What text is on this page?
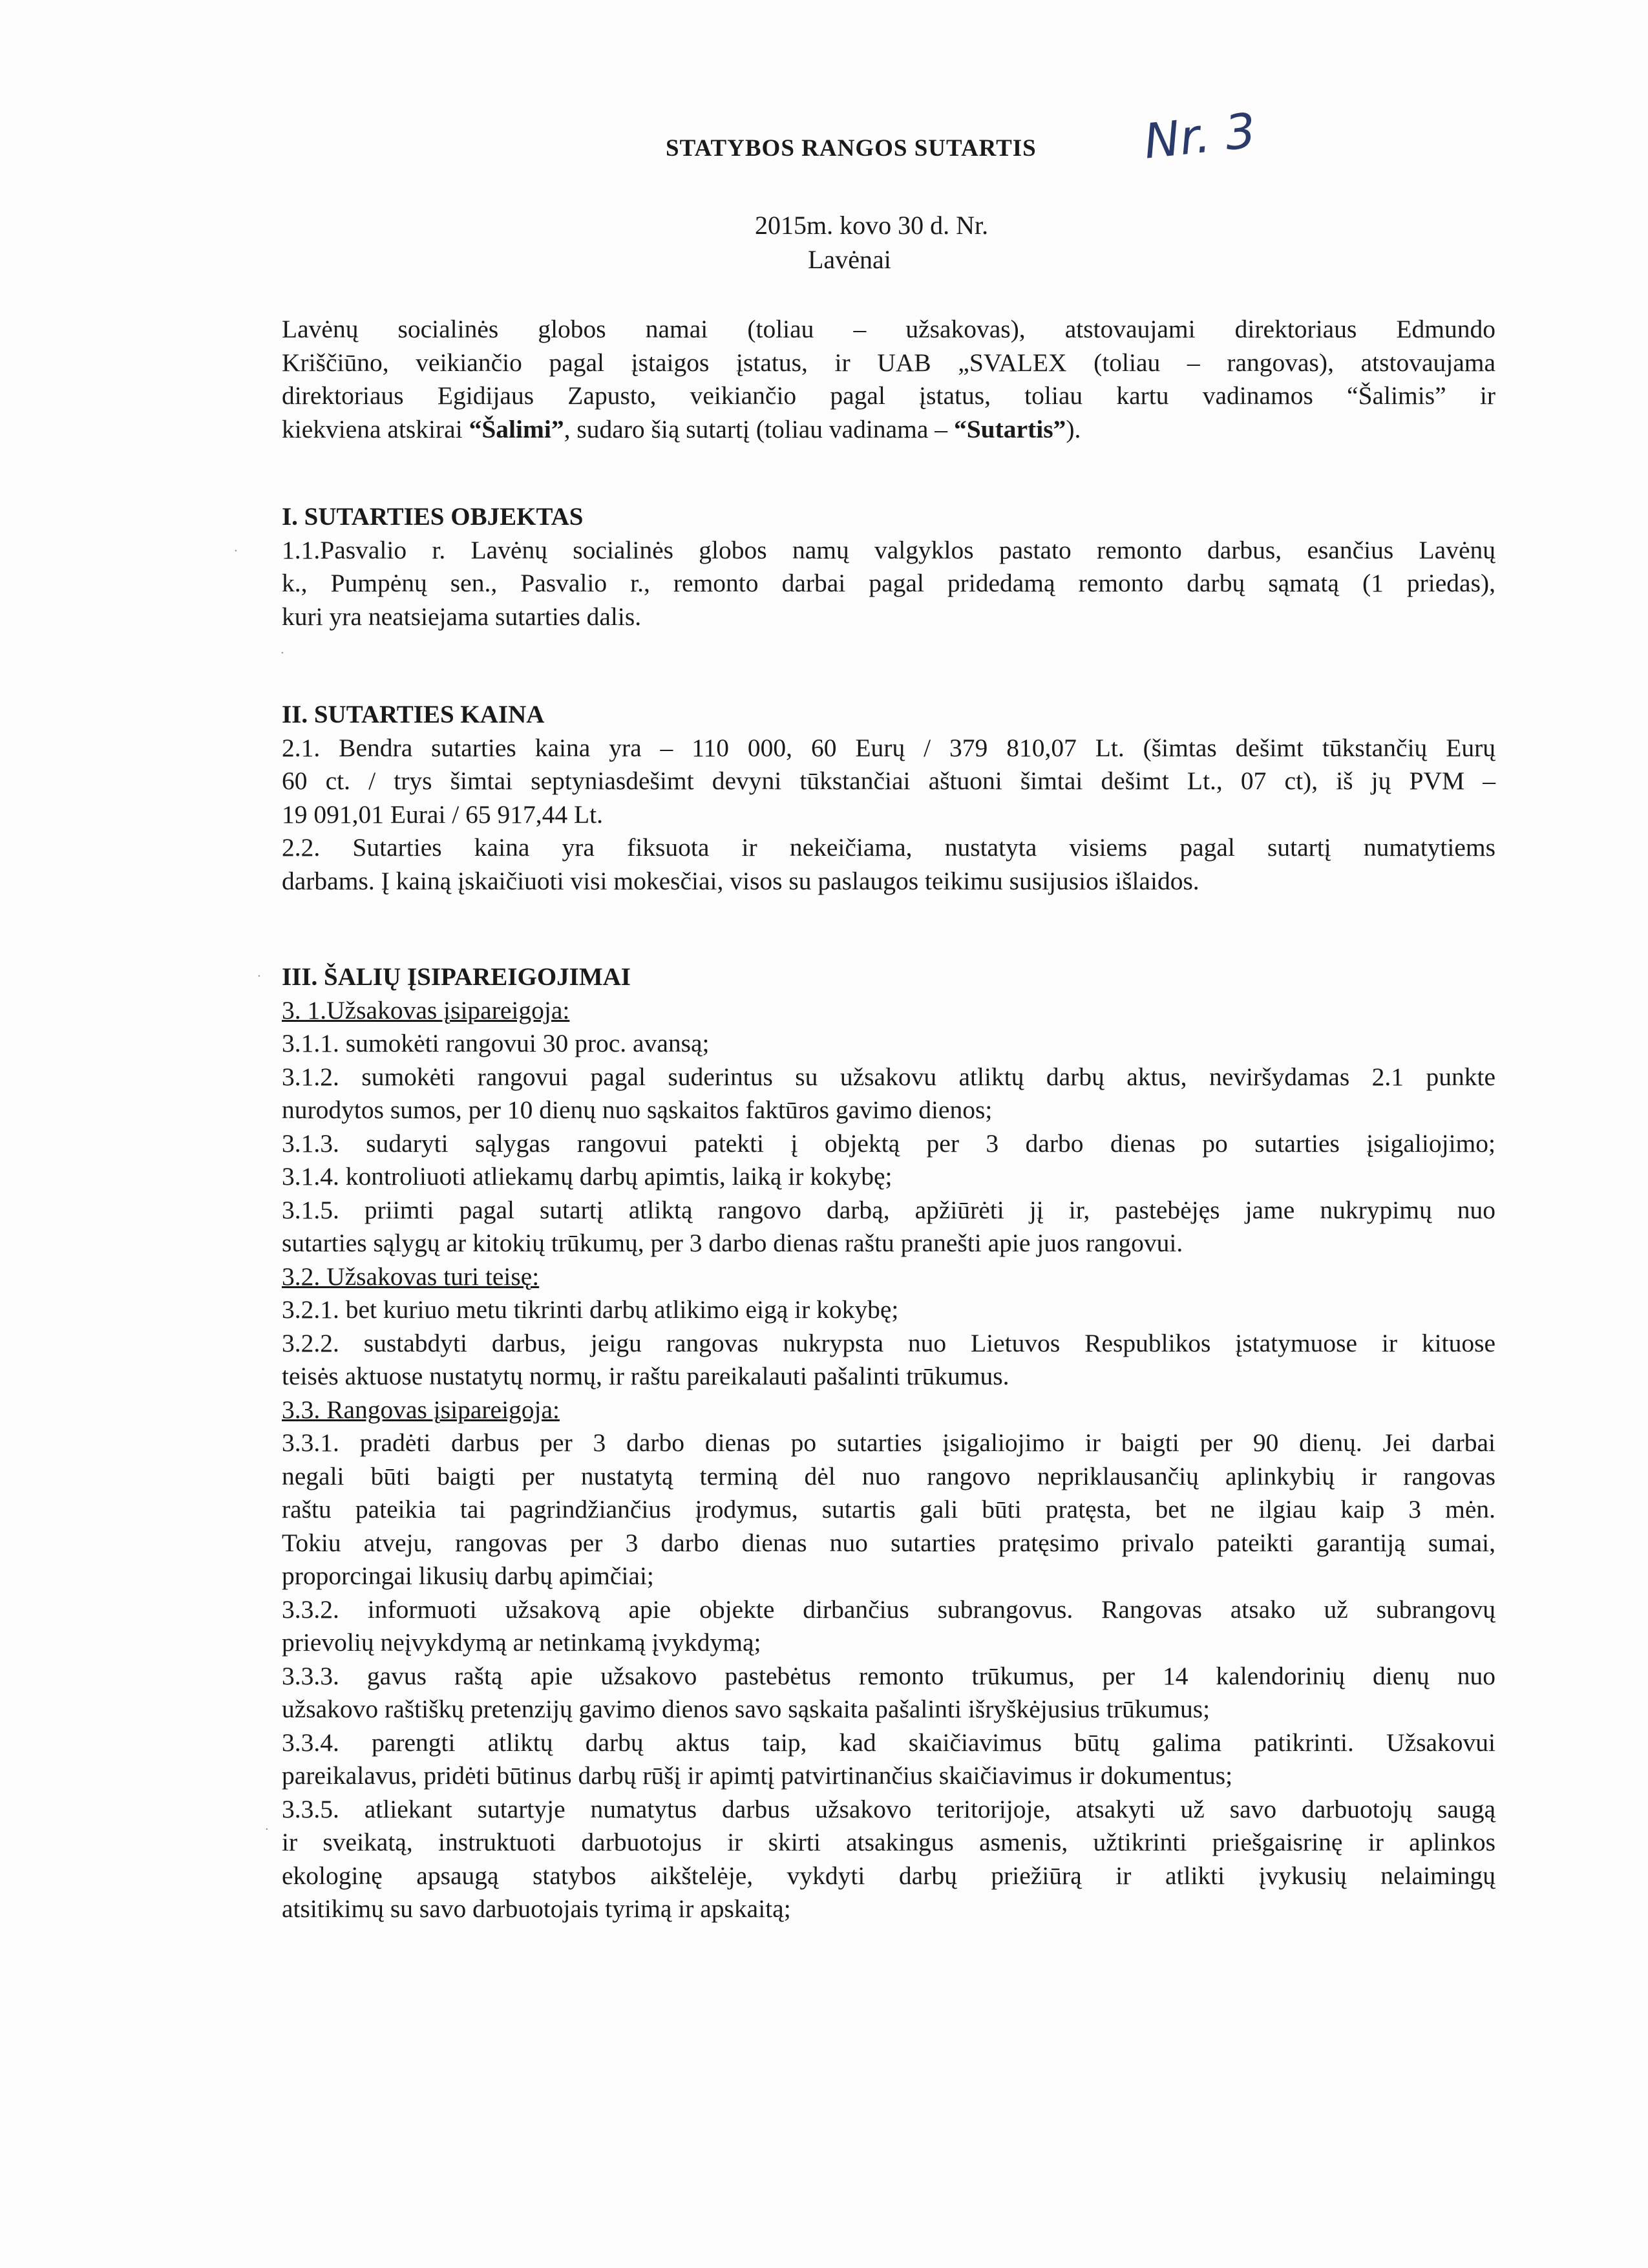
STATYBOS RANGOS SUTARTIS Nr. 3
2015m. kovo 30 d. Nr.
Lavėnai
Lavėnų socialinės globos namai (toliau – užsakovas), atstovaujami direktoriaus Edmundo
Kriščiūno, veikiančio pagal įstaigos įstatus, ir UAB „SVALEX (toliau – rangovas), atstovaujama
direktoriaus Egidijaus Zapusto, veikiančio pagal įstatus, toliau kartu vadinamos “Šalimis” ir
kiekviena atskirai “Šalimi”, sudaro šią sutartį (toliau vadinama – “Sutartis”).
I. SUTARTIES OBJEKTAS
1.1.Pasvalio r. Lavėnų socialinės globos namų valgyklos pastato remonto darbus, esančius Lavėnų
k., Pumpėnų sen., Pasvalio r., remonto darbai pagal pridedamą remonto darbų sąmatą (1 priedas),
kuri yra neatsiejama sutarties dalis.
II. SUTARTIES KAINA
2.1. Bendra sutarties kaina yra – 110 000, 60 Eurų / 379 810,07 Lt. (šimtas dešimt tūkstančių Eurų
60 ct. / trys šimtai septyniasdešimt devyni tūkstančiai aštuoni šimtai dešimt Lt., 07 ct), iš jų PVM –
19 091,01 Eurai / 65 917,44 Lt.
2.2. Sutarties kaina yra fiksuota ir nekeičiama, nustatyta visiems pagal sutartį numatytiems
darbams. Į kainą įskaičiuoti visi mokesčiai, visos su paslaugos teikimu susijusios išlaidos.
III. ŠALIŲ ĮSIPAREIGOJIMAI
3. 1.Užsakovas įsipareigoja:
3.1.1. sumokėti rangovui 30 proc. avansą;
3.1.2. sumokėti rangovui pagal suderintus su užsakovu atliktų darbų aktus, neviršydamas 2.1 punkte
nurodytos sumos, per 10 dienų nuo sąskaitos faktūros gavimo dienos;
3.1.3. sudaryti sąlygas rangovui patekti į objektą per 3 darbo dienas po sutarties įsigaliojimo;
3.1.4. kontroliuoti atliekamų darbų apimtis, laiką ir kokybę;
3.1.5. priimti pagal sutartį atliktą rangovo darbą, apžiūrėti jį ir, pastebėjęs jame nukrypimų nuo
sutarties sąlygų ar kitokių trūkumų, per 3 darbo dienas raštu pranešti apie juos rangovui.
3.2. Užsakovas turi teisę:
3.2.1. bet kuriuo metu tikrinti darbų atlikimo eigą ir kokybę;
3.2.2. sustabdyti darbus, jeigu rangovas nukrypsta nuo Lietuvos Respublikos įstatymuose ir kituose
teisės aktuose nustatytų normų, ir raštu pareikalauti pašalinti trūkumus.
3.3. Rangovas įsipareigoja:
3.3.1. pradėti darbus per 3 darbo dienas po sutarties įsigaliojimo ir baigti per 90 dienų. Jei darbai
negali būti baigti per nustatytą terminą dėl nuo rangovo nepriklausančių aplinkybių ir rangovas
raštu pateikia tai pagrindžiančius įrodymus, sutartis gali būti pratęsta, bet ne ilgiau kaip 3 mėn.
Tokiu atveju, rangovas per 3 darbo dienas nuo sutarties pratęsimo privalo pateikti garantiją sumai,
proporcingai likusių darbų apimčiai;
3.3.2. informuoti užsakovą apie objekte dirbančius subrangovus. Rangovas atsako už subrangovų
prievolių neįvykdymą ar netinkamą įvykdymą;
3.3.3. gavus raštą apie užsakovo pastebėtus remonto trūkumus, per 14 kalendorinių dienų nuo
užsakovo raštiškų pretenzijų gavimo dienos savo sąskaita pašalinti išryškėjusius trūkumus;
3.3.4. parengti atliktų darbų aktus taip, kad skaičiavimus būtų galima patikrinti. Užsakovui
pareikalavus, pridėti būtinus darbų rūšį ir apimtį patvirtinančius skaičiavimus ir dokumentus;
3.3.5. atliekant sutartyje numatytus darbus užsakovo teritorijoje, atsakyti už savo darbuotojų saugą
ir sveikatą, instruktuoti darbuotojus ir skirti atsakingus asmenis, užtikrinti priešgaisrinę ir aplinkos
ekologinę apsaugą statybos aikštelėje, vykdyti darbų priežiūrą ir atlikti įvykusių nelaimingų
atsitikimų su savo darbuotojais tyrimą ir apskaitą;
·
·
·
·
